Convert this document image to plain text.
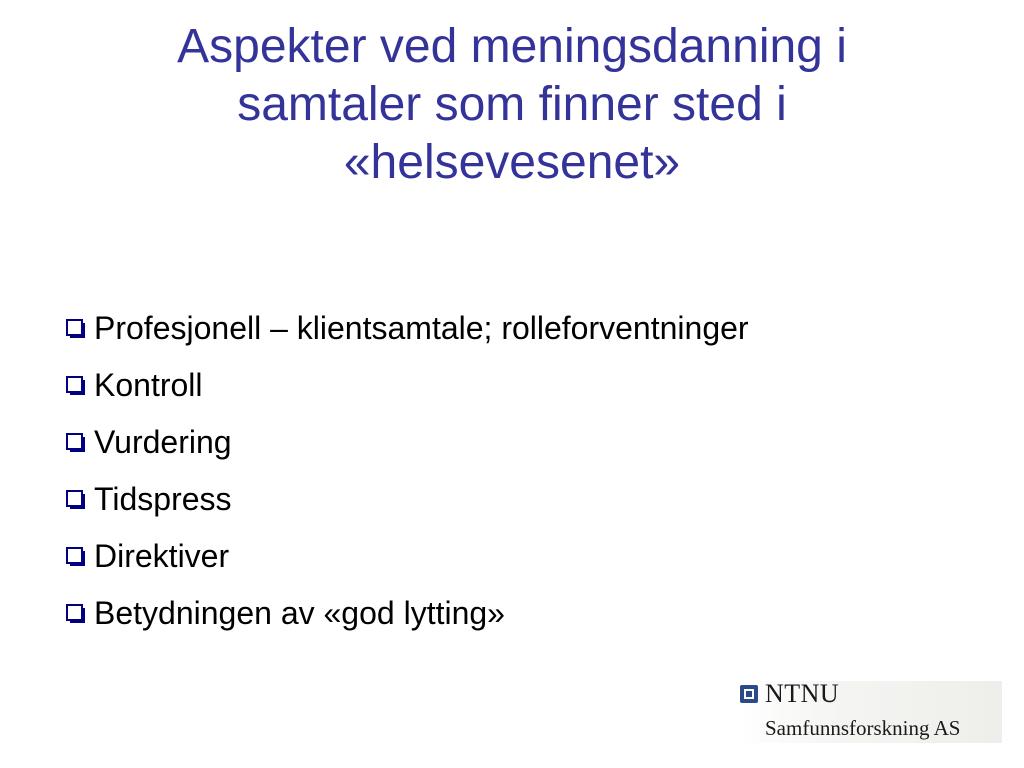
Aspekter ved meningsdanning i
samtaler som finner sted i
«helsevesenet»
Profesjonell – klientsamtale; rolleforventninger
Kontroll
Vurdering
Tidspress
Direktiver
Betydningen av «god lytting»
NTNU
Samfunnsforskning AS
